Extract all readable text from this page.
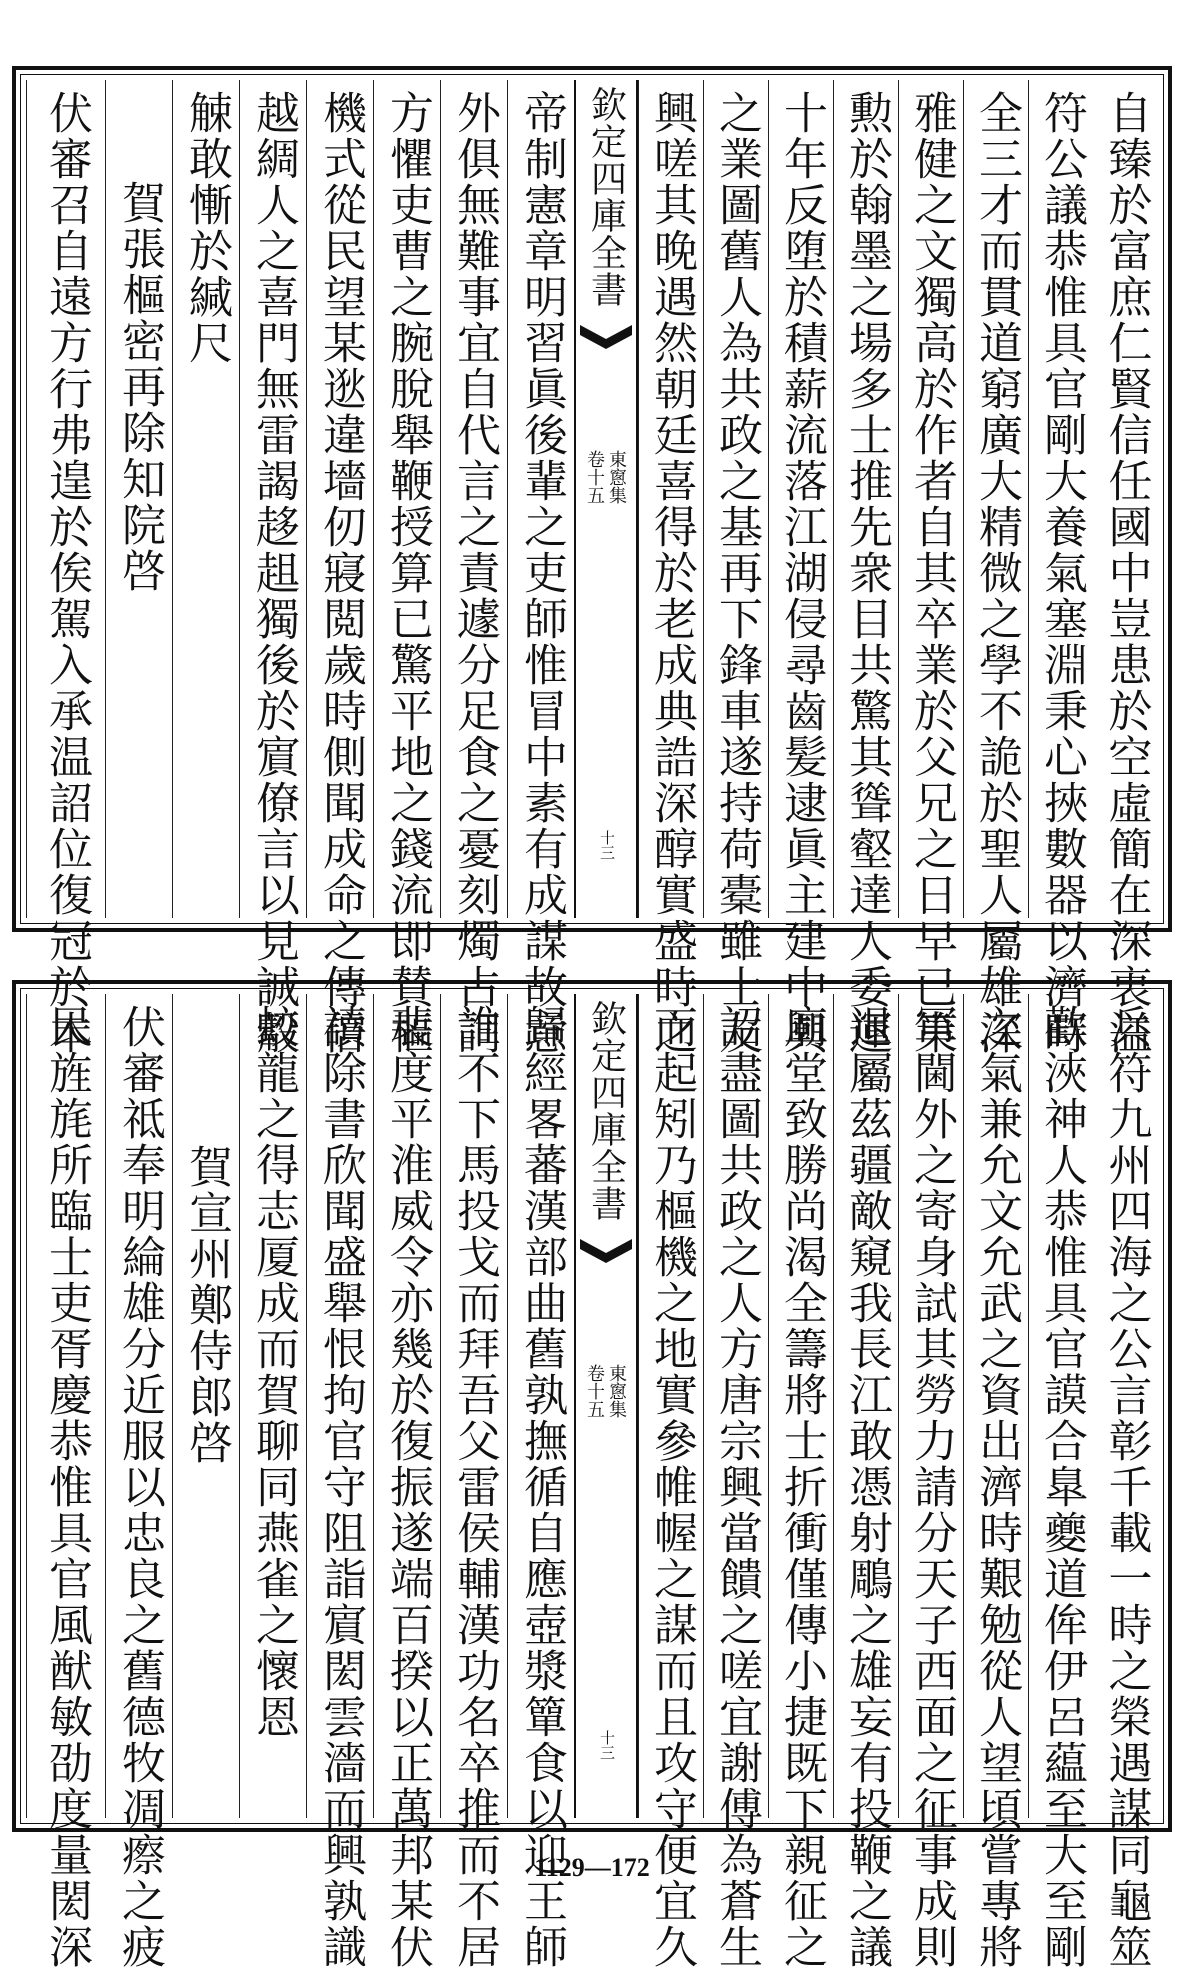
自臻於富庶仁賢信任國中豈患於空虛簡在深衷溢
符公議恭惟具官剛大養氣塞淵秉心挾數器以濟時
全三才而貫道窮廣大精微之學不詭於聖人屬雄深
雅健之文獨高於作者自其卒業於父兄之日早已策
勲於翰墨之場多士推先衆目共驚其聳壑達人委運
十年反堕於積薪流落江湖侵尋齒髪逮眞主建中興
之業圖舊人為共政之基再下鋒車遂持荷橐雖士友
興嗟其晚遇然朝廷喜得於老成典誥深醇實盛時之
欽定四庫全書
東窻集
卷十五
十三
帝制憲章明習眞後輩之吏師惟冒中素有成謀故意
外俱無難事宜自代言之責遽分足食之憂刻燭占詞
方懼吏曹之腕脫舉鞭授算已驚平地之錢流即賛樞
機式從民望某逖違墻仞寢閲歲時側聞成命之傳倍
越綢人之喜門無雷謁趍趄獨後於賔僚言以見誠觳
觫敢慚於緘尺
賀張樞密再除知院啓
伏審召自遠方行弗遑於俟駕入承温詔位復冠於本
兵符九州四海之公言彰千載一時之榮遇謀同龜筮
歡浹神人恭惟具官謨合臯夔道侔伊呂藴至大至剛
之氣兼允文允武之資出濟時艱勉從人望頃嘗專將
軍閫外之寄身試其勞力請分天子西面之征事成則
退屬茲疆敵窺我長江敢憑射鵰之雄妄有投鞭之議
廟堂致勝尚渴全籌將士折衝僅傳小捷既下親征之
詔盡圖共政之人方唐宗興當饋之嗟宜謝傅為蒼生
而起矧乃樞機之地實參帷幄之謀而且攻守便宜久
欽定四庫全書
東窻集
卷十五
十三
歸經畧蕃漢部曲舊孰撫循自應壺漿簞食以迎王師
誰不下馬投戈而拜吾父雷侯輔漢功名卒推而不居
裴度平淮威令亦幾於復振遂端百揆以正萬邦某伏
讀除書欣聞盛舉恨拘官守阻詣賔閎雲濇而興孰識
蛟龍之得志厦成而賀聊同燕雀之懷恩
賀宣州鄭侍郎啓
伏審祗奉明綸雄分近服以忠良之舊德牧凋瘵之疲
民旌旄所臨士吏胥慶恭惟具官風猷敏劭度量閎深	1129—172
